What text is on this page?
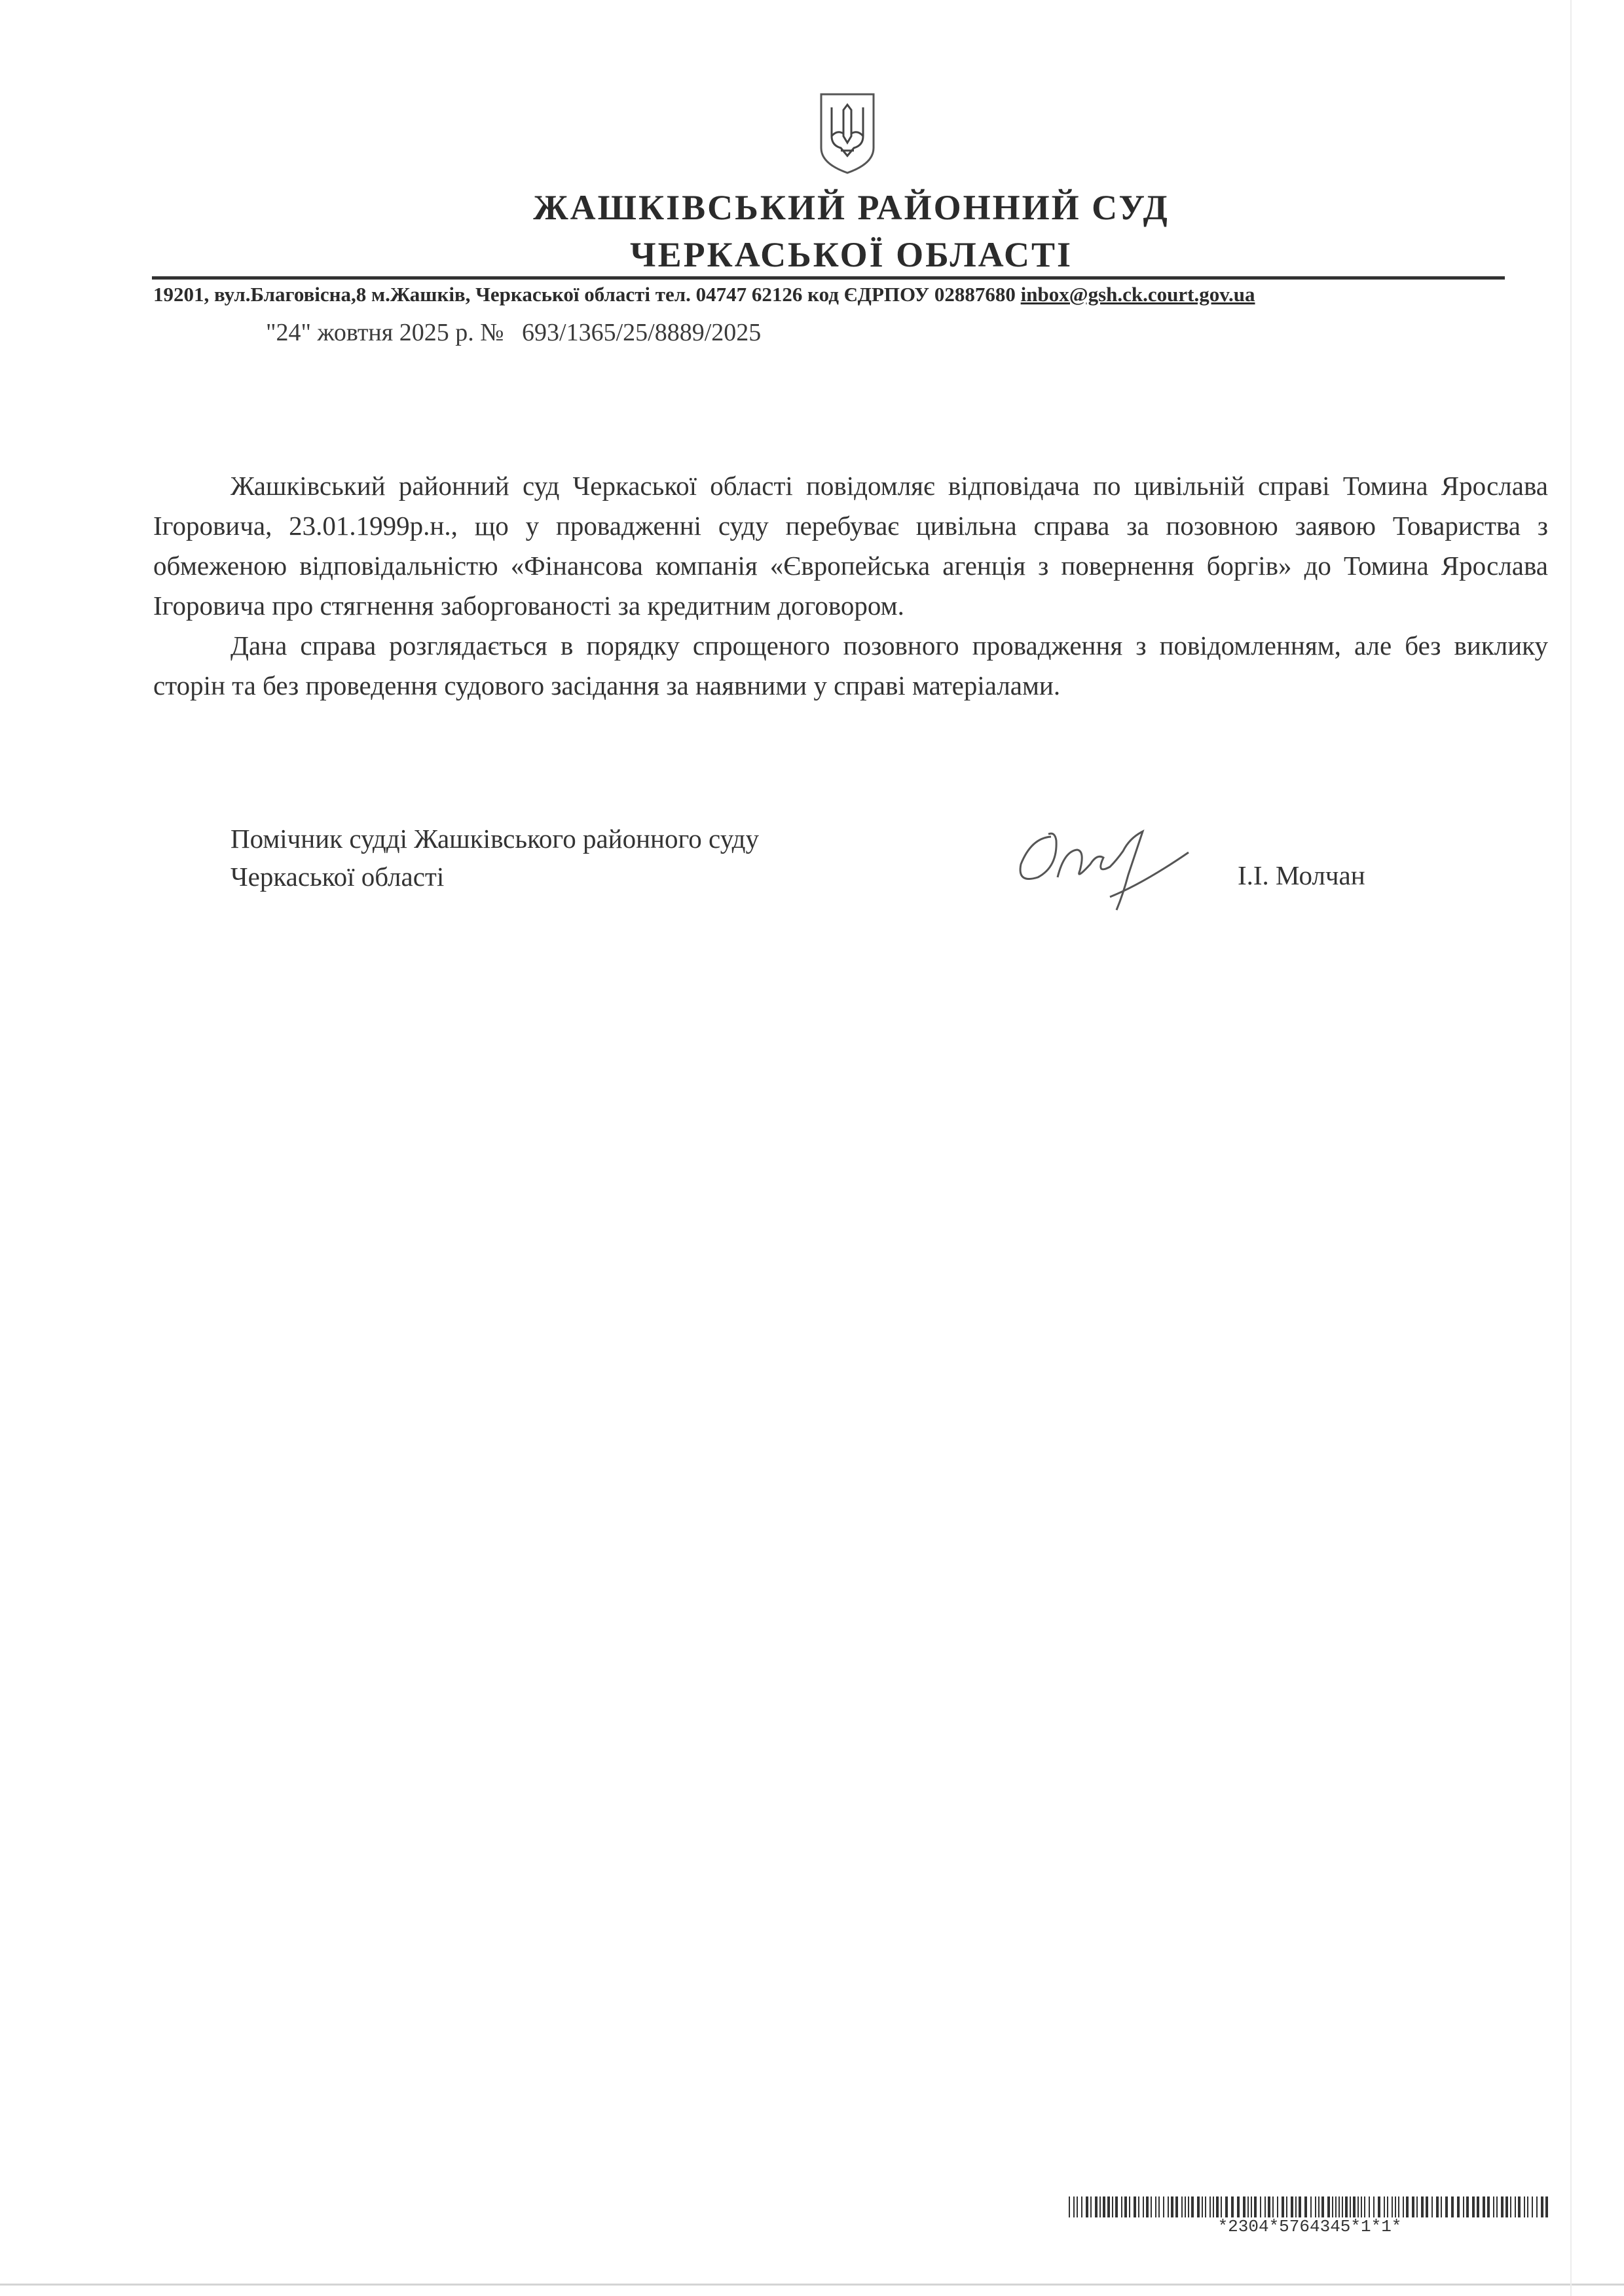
ЖАШКІВСЬКИЙ РАЙОННИЙ СУД
ЧЕРКАСЬКОЇ ОБЛАСТІ
19201, вул.Благовісна,8 м.Жашків, Черкаської області тел. 04747 62126 код ЄДРПОУ 02887680 inbox@gsh.ck.court.gov.ua
"24" жовтня 2025 р. № 693/1365/25/8889/2025

Жашківський районний суд Черкаської області повідомляє відповідача по цивільній справі Томина Ярослава Ігоровича, 23.01.1999р.н., що у провадженні суду перебуває цивільна справа за позовною заявою Товариства з обмеженою відповідальністю «Фінансова компанія «Європейська агенція з повернення боргів» до Томина Ярослава Ігоровича про стягнення заборгованості за кредитним договором.

Дана справа розглядається в порядку спрощеного позовного провадження з повідомленням, але без виклику сторін та без проведення судового засідання за наявними у справі матеріалами.

Помічник судді Жашківського районного суду
Черкаської області	І.І. Молчан
*2304*5764345*1*1*
